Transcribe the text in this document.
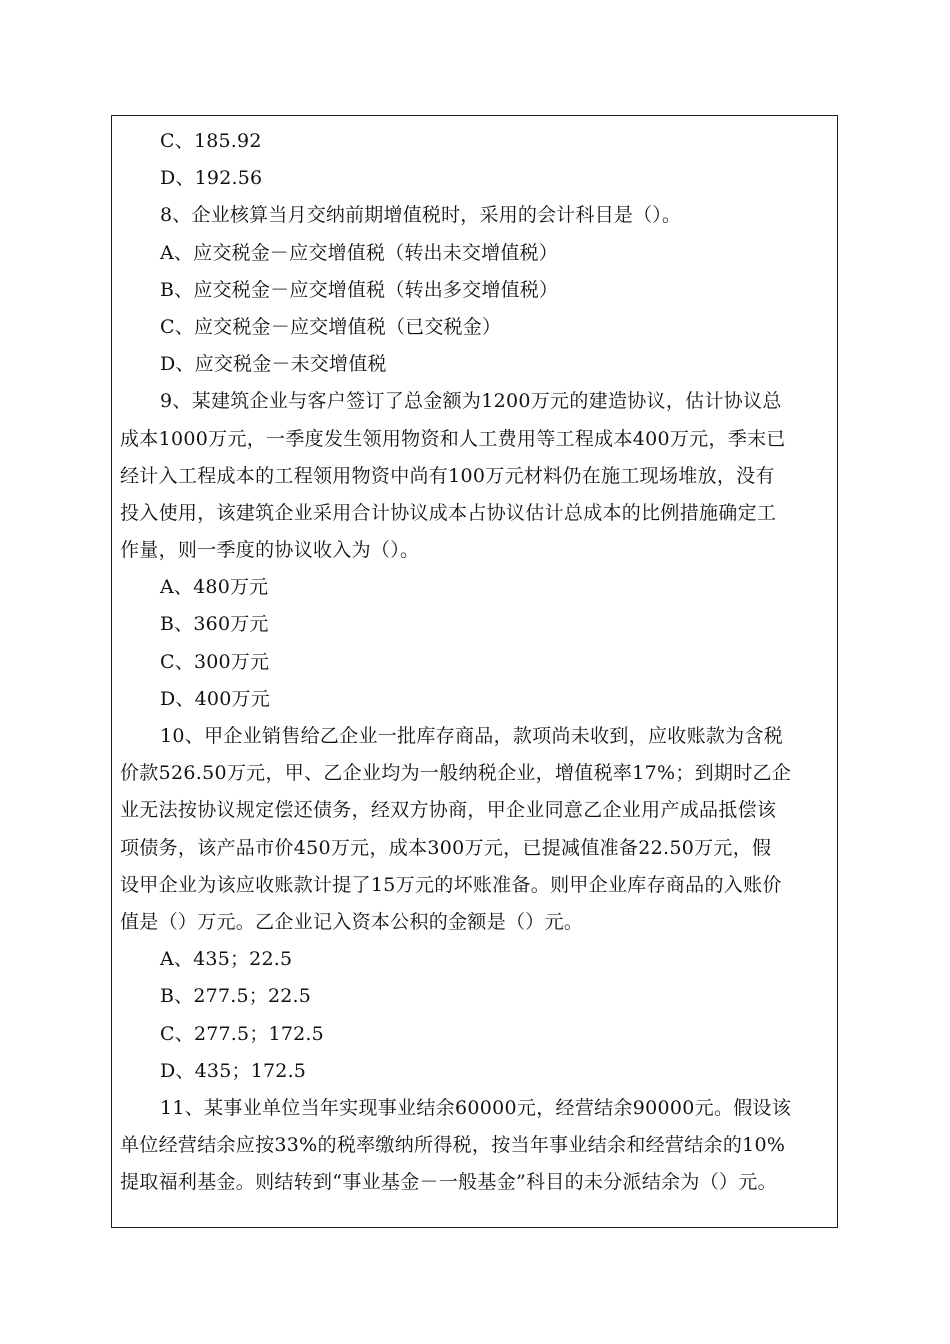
C、185.92
D、192.56
8、企业核算当月交纳前期增值税时，采用的会计科目是（）。
A、应交税金－应交增值税（转出未交增值税）
B、应交税金－应交增值税（转出多交增值税）
C、应交税金－应交增值税（已交税金）
D、应交税金－未交增值税
9、某建筑企业与客户签订了总金额为1200万元的建造协议，估计协议总
成本1000万元，一季度发生领用物资和人工费用等工程成本400万元，季末已
经计入工程成本的工程领用物资中尚有100万元材料仍在施工现场堆放，没有
投入使用，该建筑企业采用合计协议成本占协议估计总成本的比例措施确定工
作量，则一季度的协议收入为（）。
A、480万元
B、360万元
C、300万元
D、400万元
10、甲企业销售给乙企业一批库存商品，款项尚未收到，应收账款为含税
价款526.50万元，甲、乙企业均为一般纳税企业，增值税率17%；到期时乙企
业无法按协议规定偿还债务，经双方协商，甲企业同意乙企业用产成品抵偿该
项债务，该产品市价450万元，成本300万元，已提减值准备22.50万元，假
设甲企业为该应收账款计提了15万元的坏账准备。则甲企业库存商品的入账价
值是（）万元。乙企业记入资本公积的金额是（）元。
A、435；22.5
B、277.5；22.5
C、277.5；172.5
D、435；172.5
11、某事业单位当年实现事业结余60000元，经营结余90000元。假设该
单位经营结余应按33%的税率缴纳所得税，按当年事业结余和经营结余的10%
提取福利基金。则结转到“事业基金－一般基金”科目的未分派结余为（）元。
